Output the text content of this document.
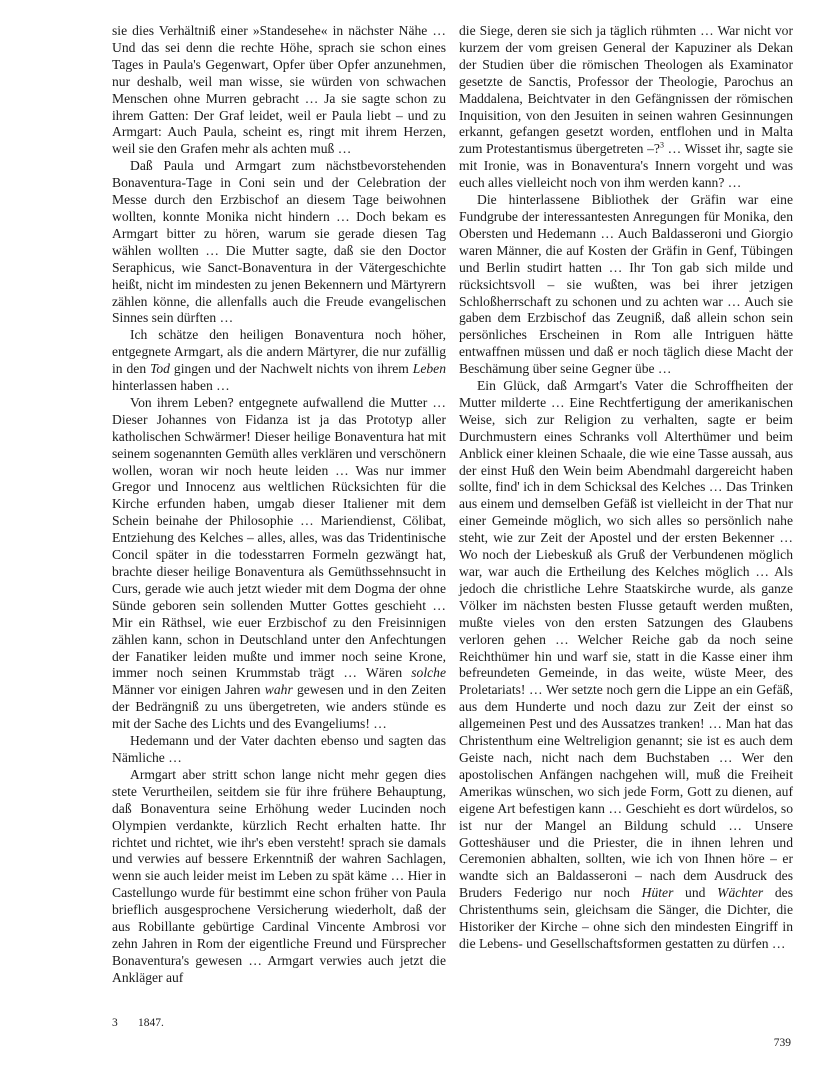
sie dies Verhältniß einer »Standesehe« in nächster Nähe … Und das sei denn die rechte Höhe, sprach sie schon eines Tages in Paula's Gegenwart, Opfer über Opfer anzunehmen, nur deshalb, weil man wisse, sie würden von schwachen Menschen ohne Murren gebracht … Ja sie sagte schon zu ihrem Gatten: Der Graf leidet, weil er Paula liebt – und zu Armgart: Auch Paula, scheint es, ringt mit ihrem Herzen, weil sie den Grafen mehr als achten muß …

Daß Paula und Armgart zum nächstbevorstehenden Bonaventura-Tage in Coni sein und der Celebration der Messe durch den Erzbischof an diesem Tage beiwohnen wollten, konnte Monika nicht hindern … Doch bekam es Armgart bitter zu hören, warum sie gerade diesen Tag wählen wollten … Die Mutter sagte, daß sie den Doctor Seraphicus, wie Sanct-Bonaventura in der Vätergeschichte heißt, nicht im mindesten zu jenen Bekennern und Märtyrern zählen könne, die allenfalls auch die Freude evangelischen Sinnes sein dürften …

Ich schätze den heiligen Bonaventura noch höher, entgegnete Armgart, als die andern Märtyrer, die nur zufällig in den Tod gingen und der Nachwelt nichts von ihrem Leben hinterlassen haben …

Von ihrem Leben? entgegnete aufwallend die Mutter … Dieser Johannes von Fidanza ist ja das Prototyp aller katholischen Schwärmer! Dieser heilige Bonaventura hat mit seinem sogenannten Gemüth alles verklären und verschönern wollen, woran wir noch heute leiden … Was nur immer Gregor und Innocenz aus weltlichen Rücksichten für die Kirche erfunden haben, umgab dieser Italiener mit dem Schein beinahe der Philosophie … Mariendienst, Cölibat, Entziehung des Kelches – alles, alles, was das Tridentinische Concil später in die todesstarren Formeln gezwängt hat, brachte dieser heilige Bonaventura als Gemüthssehnsucht in Curs, gerade wie auch jetzt wieder mit dem Dogma der ohne Sünde geboren sein sollenden Mutter Gottes geschieht … Mir ein Räthsel, wie euer Erzbischof zu den Freisinnigen zählen kann, schon in Deutschland unter den Anfechtungen der Fanatiker leiden mußte und immer noch seine Krone, immer noch seinen Krummstab trägt … Wären solche Männer vor einigen Jahren wahr gewesen und in den Zeiten der Bedrängniß zu uns übergetreten, wie anders stünde es mit der Sache des Lichts und des Evangeliums! …

Hedemann und der Vater dachten ebenso und sagten das Nämliche …

Armgart aber stritt schon lange nicht mehr gegen dies stete Verurtheilen, seitdem sie für ihre frühere Behauptung, daß Bonaventura seine Erhöhung weder Lucinden noch Olympien verdankte, kürzlich Recht erhalten hatte. Ihr richtet und richtet, wie ihr's eben versteht! sprach sie damals und verwies auf bessere Erkenntniß der wahren Sachlagen, wenn sie auch leider meist im Leben zu spät käme … Hier in Castellungo wurde für bestimmt eine schon früher von Paula brieflich ausgesprochene Versicherung wiederholt, daß der aus Robillante gebürtige Cardinal Vincente Ambrosi vor zehn Jahren in Rom der eigentliche Freund und Fürsprecher Bonaventura's gewesen … Armgart verwies auch jetzt die Ankläger auf

die Siege, deren sie sich ja täglich rühmten … War nicht vor kurzem der vom greisen General der Kapuziner als Dekan der Studien über die römischen Theologen als Examinator gesetzte de Sanctis, Professor der Theologie, Parochus an Maddalena, Beichtvater in den Gefängnissen der römischen Inquisition, von den Jesuiten in seinen wahren Gesinnungen erkannt, gefangen gesetzt worden, entflohen und in Malta zum Protestantismus übergetreten –?$^3$ … Wisset ihr, sagte sie mit Ironie, was in Bonaventura's Innern vorgeht und was euch alles vielleicht noch von ihm werden kann? …

Die hinterlassene Bibliothek der Gräfin war eine Fundgrube der interessantesten Anregungen für Monika, den Obersten und Hedemann … Auch Baldasseroni und Giorgio waren Männer, die auf Kosten der Gräfin in Genf, Tübingen und Berlin studirt hatten … Ihr Ton gab sich milde und rücksichtsvoll – sie wußten, was bei ihrer jetzigen Schloßherrschaft zu schonen und zu achten war … Auch sie gaben dem Erzbischof das Zeugniß, daß allein schon sein persönliches Erscheinen in Rom alle Intriguen hätte entwaffnen müssen und daß er noch täglich diese Macht der Beschämung über seine Gegner übe …

Ein Glück, daß Armgart's Vater die Schroffheiten der Mutter milderte … Eine Rechtfertigung der amerikanischen Weise, sich zur Religion zu verhalten, sagte er beim Durchmustern eines Schranks voll Alterthümer und beim Anblick einer kleinen Schaale, die wie eine Tasse aussah, aus der einst Huß den Wein beim Abendmahl dargereicht haben sollte, find' ich in dem Schicksal des Kelches … Das Trinken aus einem und demselben Gefäß ist vielleicht in der That nur einer Gemeinde möglich, wo sich alles so persönlich nahe steht, wie zur Zeit der Apostel und der ersten Bekenner … Wo noch der Liebeskuß als Gruß der Verbundenen möglich war, war auch die Ertheilung des Kelches möglich … Als jedoch die christliche Lehre Staatskirche wurde, als ganze Völker im nächsten besten Flusse getauft werden mußten, mußte vieles von den ersten Satzungen des Glaubens verloren gehen … Welcher Reiche gab da noch seine Reichthümer hin und warf sie, statt in die Kasse einer ihm befreundeten Gemeinde, in das weite, wüste Meer, des Proletariats! … Wer setzte noch gern die Lippe an ein Gefäß, aus dem Hunderte und noch dazu zur Zeit der einst so allgemeinen Pest und des Aussatzes tranken! … Man hat das Christenthum eine Weltreligion genannt; sie ist es auch dem Geiste nach, nicht nach dem Buchstaben … Wer den apostolischen Anfängen nachgehen will, muß die Freiheit Amerikas wünschen, wo sich jede Form, Gott zu dienen, auf eigene Art befestigen kann … Geschieht es dort würdelos, so ist nur der Mangel an Bildung schuld … Unsere Gotteshäuser und die Priester, die in ihnen lehren und Ceremonien abhalten, sollten, wie ich von Ihnen höre – er wandte sich an Baldasseroni – nach dem Ausdruck des Bruders Federigo nur noch Hüter und Wächter des Christenthums sein, gleichsam die Sänger, die Dichter, die Historiker der Kirche – ohne sich den mindesten Eingriff in die Lebens- und Gesellschaftsformen gestatten zu dürfen …

3 1847.
739
